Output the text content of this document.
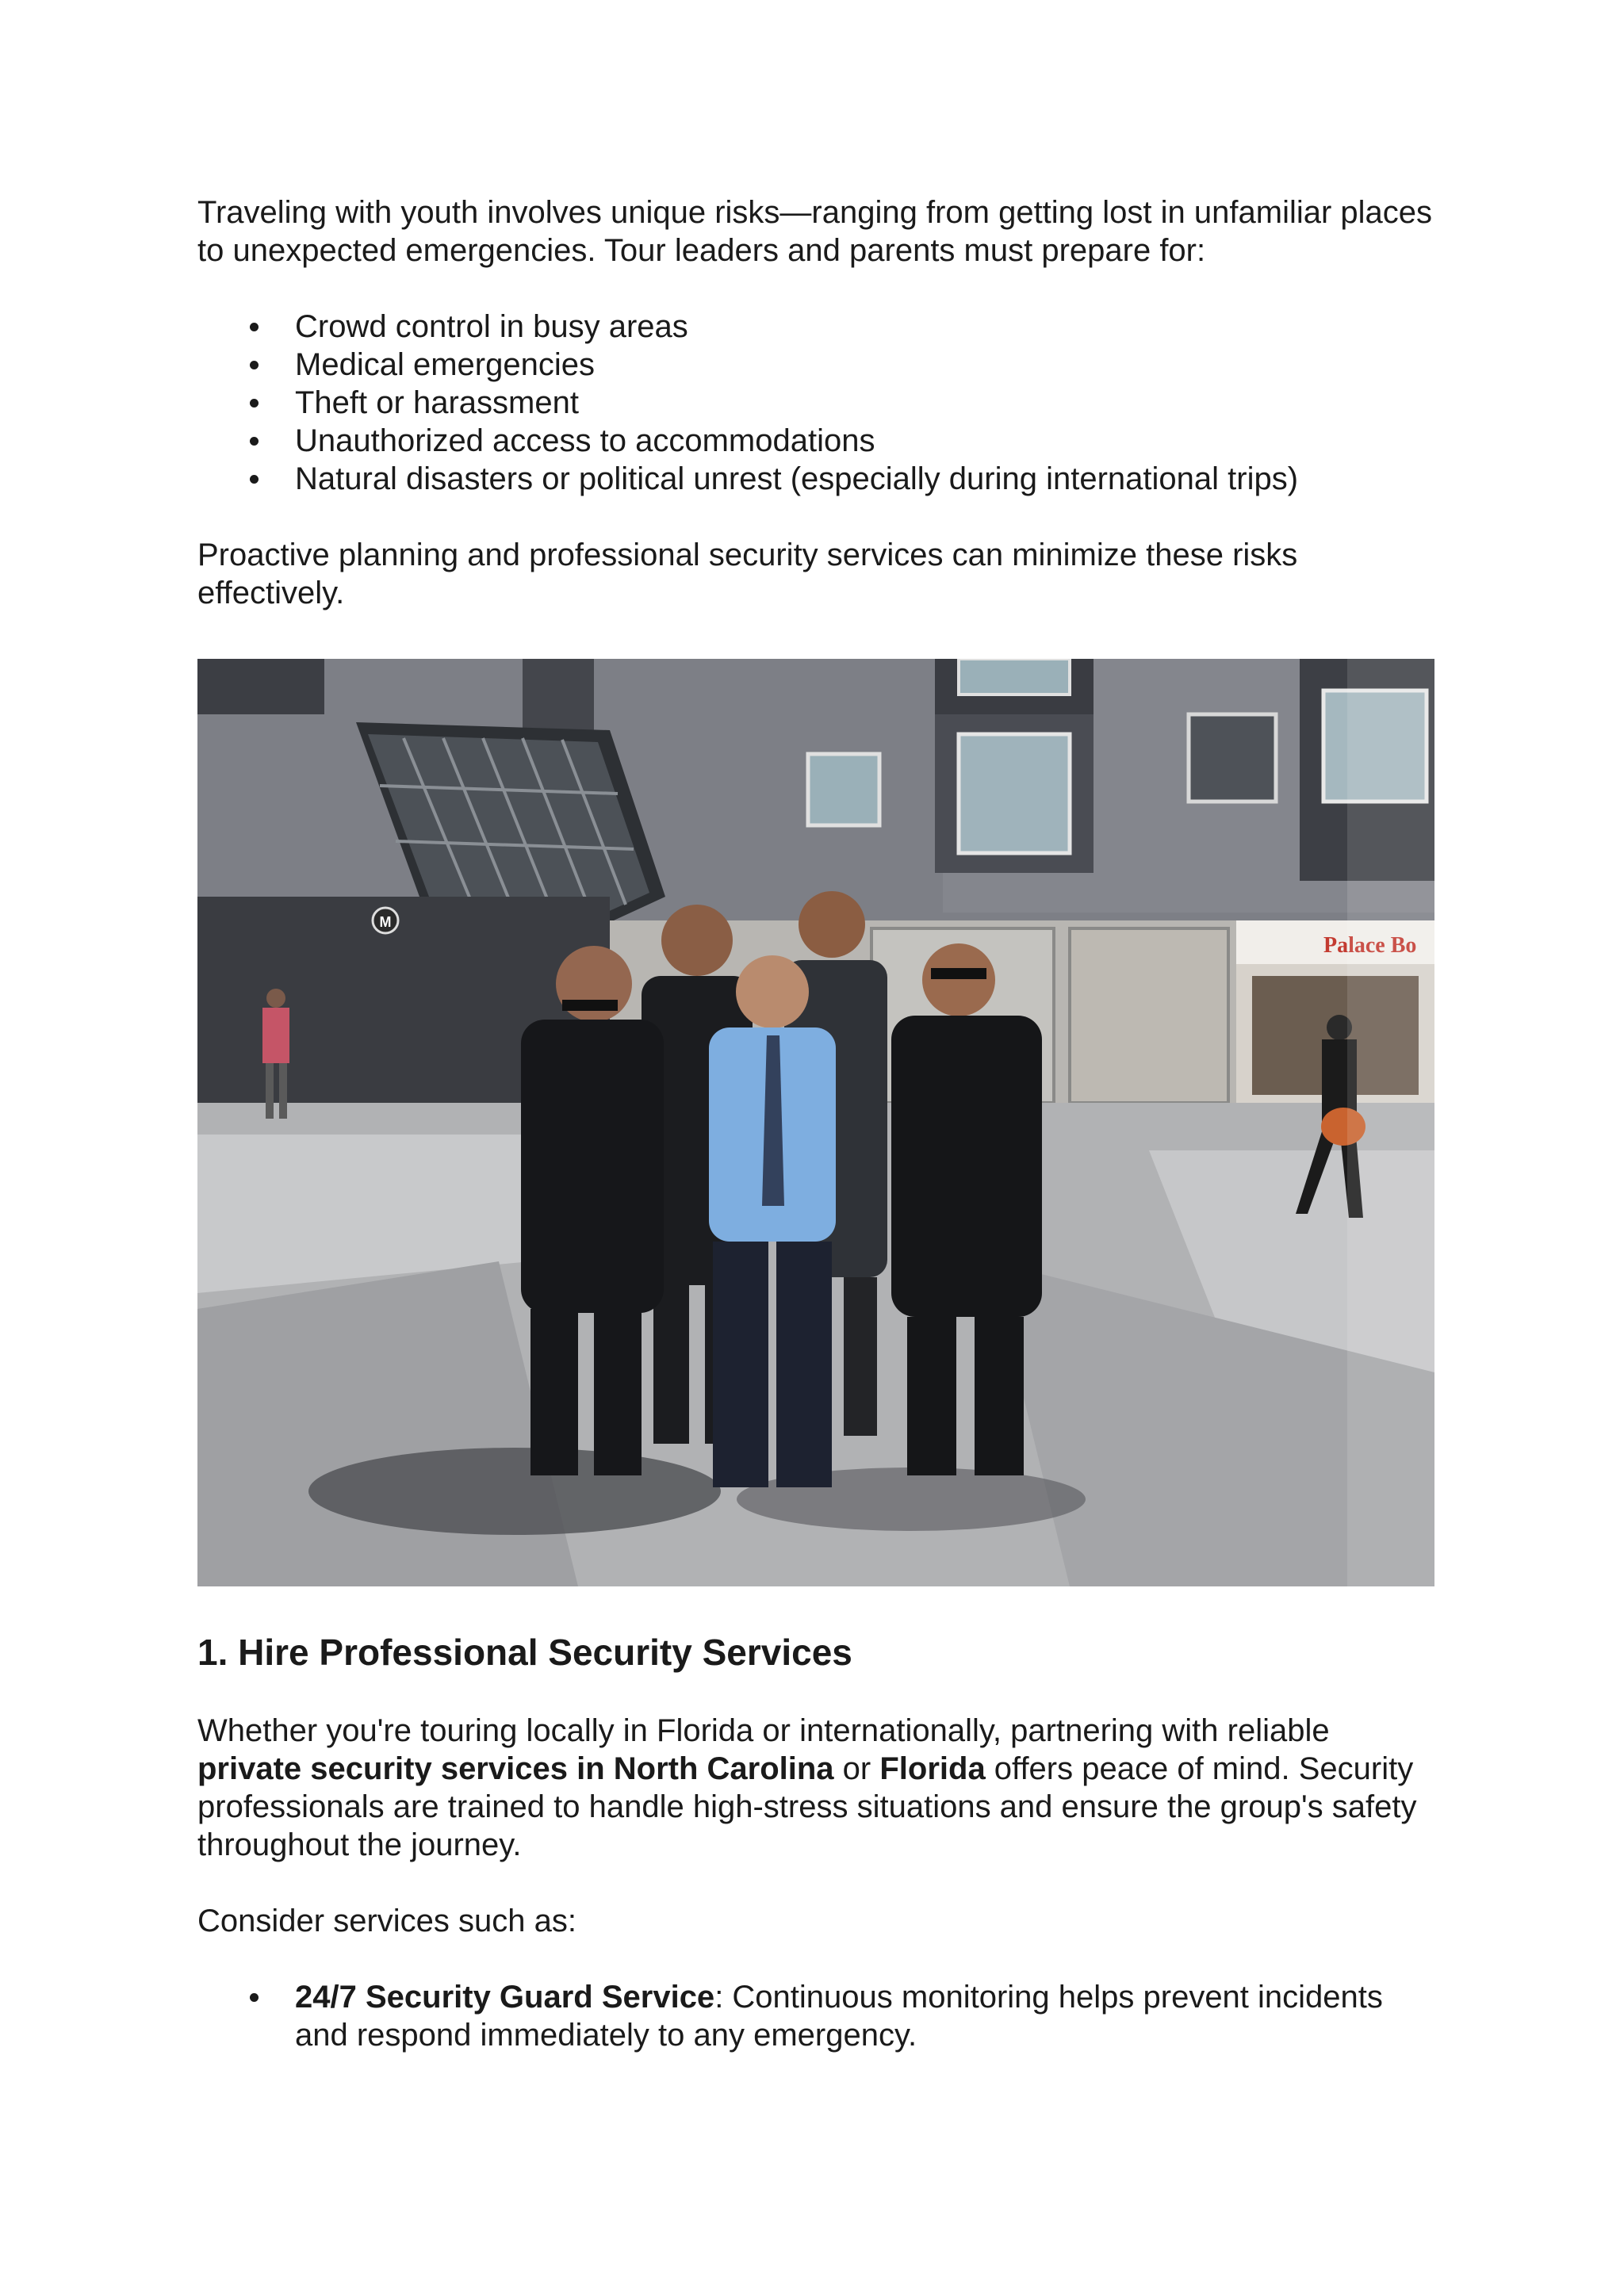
Traveling with youth involves unique risks—ranging from getting lost in unfamiliar places to unexpected emergencies. Tour leaders and parents must prepare for:

Crowd control in busy areas
Medical emergencies
Theft or harassment
Unauthorized access to accommodations
Natural disasters or political unrest (especially during international trips)

Proactive planning and professional security services can minimize these risks effectively.

M
Palace Bo
1. Hire Professional Security Services

Whether you're touring locally in Florida or internationally, partnering with reliable private security services in North Carolina or Florida offers peace of mind. Security professionals are trained to handle high-stress situations and ensure the group's safety throughout the journey.

Consider services such as:

24/7 Security Guard Service: Continuous monitoring helps prevent incidents and respond immediately to any emergency.
